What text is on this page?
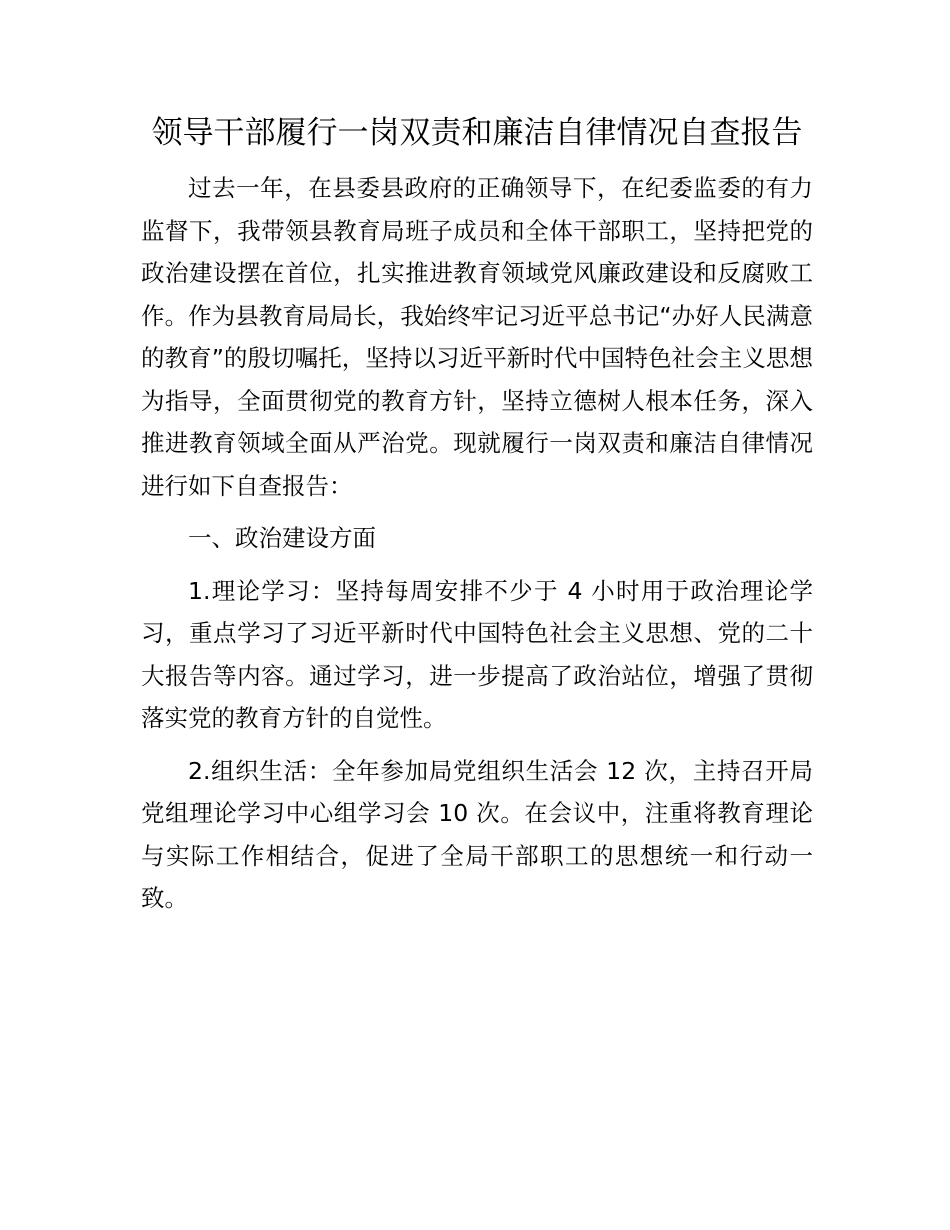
领导干部履行一岗双责和廉洁自律情况自查报告

过去一年，在县委县政府的正确领导下，在纪委监委的有力监督下，我带领县教育局班子成员和全体干部职工，坚持把党的政治建设摆在首位，扎实推进教育领域党风廉政建设和反腐败工作。作为县教育局局长，我始终牢记习近平总书记“办好人民满意的教育”的殷切嘱托，坚持以习近平新时代中国特色社会主义思想为指导，全面贯彻党的教育方针，坚持立德树人根本任务，深入推进教育领域全面从严治党。现就履行一岗双责和廉洁自律情况进行如下自查报告：

一、政治建设方面

1.理论学习：坚持每周安排不少于 4 小时用于政治理论学习，重点学习了习近平新时代中国特色社会主义思想、党的二十大报告等内容。通过学习，进一步提高了政治站位，增强了贯彻落实党的教育方针的自觉性。

2.组织生活：全年参加局党组织生活会 12 次，主持召开局党组理论学习中心组学习会 10 次。在会议中，注重将教育理论与实际工作相结合，促进了全局干部职工的思想统一和行动一致。
